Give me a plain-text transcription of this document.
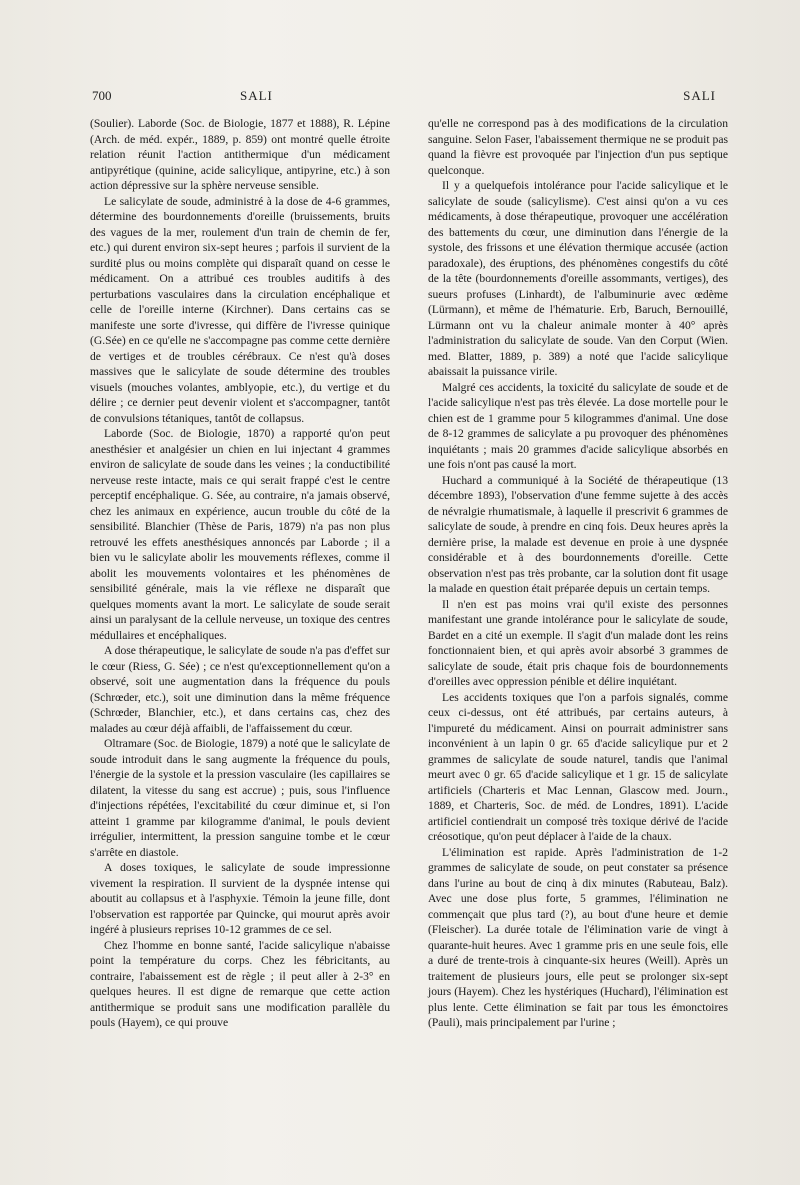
700	SALI	SALI

(Soulier). Laborde (Soc. de Biologie, 1877 et 1888), R. Lépine (Arch. de méd. expér., 1889, p. 859) ont montré quelle étroite relation réunit l'action antithermique d'un médicament antipyrétique (quinine, acide salicylique, antipyrine, etc.) à son action dépressive sur la sphère nerveuse sensible.

Le salicylate de soude, administré à la dose de 4-6 grammes, détermine des bourdonnements d'oreille (bruissements, bruits des vagues de la mer, roulement d'un train de chemin de fer, etc.) qui durent environ six-sept heures ; parfois il survient de la surdité plus ou moins complète qui disparaît quand on cesse le médicament. On a attribué ces troubles auditifs à des perturbations vasculaires dans la circulation encéphalique et celle de l'oreille interne (Kirchner). Dans certains cas se manifeste une sorte d'ivresse, qui diffère de l'ivresse quinique (G.Sée) en ce qu'elle ne s'accompagne pas comme cette dernière de vertiges et de troubles cérébraux. Ce n'est qu'à doses massives que le salicylate de soude détermine des troubles visuels (mouches volantes, amblyopie, etc.), du vertige et du délire ; ce dernier peut devenir violent et s'accompagner, tantôt de convulsions tétaniques, tantôt de collapsus.

Laborde (Soc. de Biologie, 1870) a rapporté qu'on peut anesthésier et analgésier un chien en lui injectant 4 grammes environ de salicylate de soude dans les veines ; la conductibilité nerveuse reste intacte, mais ce qui serait frappé c'est le centre perceptif encéphalique. G. Sée, au contraire, n'a jamais observé, chez les animaux en expérience, aucun trouble du côté de la sensibilité. Blanchier (Thèse de Paris, 1879) n'a pas non plus retrouvé les effets anesthésiques annoncés par Laborde ; il a bien vu le salicylate abolir les mouvements réflexes, comme il abolit les mouvements volontaires et les phénomènes de sensibilité générale, mais la vie réflexe ne disparaît que quelques moments avant la mort. Le salicylate de soude serait ainsi un paralysant de la cellule nerveuse, un toxique des centres médullaires et encéphaliques.

A dose thérapeutique, le salicylate de soude n'a pas d'effet sur le cœur (Riess, G. Sée) ; ce n'est qu'exceptionnellement qu'on a observé, soit une augmentation dans la fréquence du pouls (Schrœder, etc.), soit une diminution dans la même fréquence (Schrœder, Blanchier, etc.), et dans certains cas, chez des malades au cœur déjà affaibli, de l'affaissement du cœur.

Oltramare (Soc. de Biologie, 1879) a noté que le salicylate de soude introduit dans le sang augmente la fréquence du pouls, l'énergie de la systole et la pression vasculaire (les capillaires se dilatent, la vitesse du sang est accrue) ; puis, sous l'influence d'injections répétées, l'excitabilité du cœur diminue et, si l'on atteint 1 gramme par kilogramme d'animal, le pouls devient irrégulier, intermittent, la pression sanguine tombe et le cœur s'arrête en diastole.

A doses toxiques, le salicylate de soude impressionne vivement la respiration. Il survient de la dyspnée intense qui aboutit au collapsus et à l'asphyxie. Témoin la jeune fille, dont l'observation est rapportée par Quincke, qui mourut après avoir ingéré à plusieurs reprises 10-12 grammes de ce sel.

Chez l'homme en bonne santé, l'acide salicylique n'abaisse point la température du corps. Chez les fébricitants, au contraire, l'abaissement est de règle ; il peut aller à 2-3° en quelques heures. Il est digne de remarque que cette action antithermique se produit sans une modification parallèle du pouls (Hayem), ce qui prouve

qu'elle ne correspond pas à des modifications de la circulation sanguine. Selon Faser, l'abaissement thermique ne se produit pas quand la fièvre est provoquée par l'injection d'un pus septique quelconque.

Il y a quelquefois intolérance pour l'acide salicylique et le salicylate de soude (salicylisme). C'est ainsi qu'on a vu ces médicaments, à dose thérapeutique, provoquer une accélération des battements du cœur, une diminution dans l'énergie de la systole, des frissons et une élévation thermique accusée (action paradoxale), des éruptions, des phénomènes congestifs du côté de la tête (bourdonnements d'oreille assommants, vertiges), des sueurs profuses (Linhardt), de l'albuminurie avec œdème (Lürmann), et même de l'hématurie. Erb, Baruch, Bernouillé, Lürmann ont vu la chaleur animale monter à 40° après l'administration du salicylate de soude. Van den Corput (Wien. med. Blatter, 1889, p. 389) a noté que l'acide salicylique abaissait la puissance virile.

Malgré ces accidents, la toxicité du salicylate de soude et de l'acide salicylique n'est pas très élevée. La dose mortelle pour le chien est de 1 gramme pour 5 kilogrammes d'animal. Une dose de 8-12 grammes de salicylate a pu provoquer des phénomènes inquiétants ; mais 20 grammes d'acide salicylique absorbés en une fois n'ont pas causé la mort.

Huchard a communiqué à la Société de thérapeutique (13 décembre 1893), l'observation d'une femme sujette à des accès de névralgie rhumatismale, à laquelle il prescrivit 6 grammes de salicylate de soude, à prendre en cinq fois. Deux heures après la dernière prise, la malade est devenue en proie à une dyspnée considérable et à des bourdonnements d'oreille. Cette observation n'est pas très probante, car la solution dont fit usage la malade en question était préparée depuis un certain temps.

Il n'en est pas moins vrai qu'il existe des personnes manifestant une grande intolérance pour le salicylate de soude, Bardet en a cité un exemple. Il s'agit d'un malade dont les reins fonctionnaient bien, et qui après avoir absorbé 3 grammes de salicylate de soude, était pris chaque fois de bourdonnements d'oreilles avec oppression pénible et délire inquiétant.

Les accidents toxiques que l'on a parfois signalés, comme ceux ci-dessus, ont été attribués, par certains auteurs, à l'impureté du médicament. Ainsi on pourrait administrer sans inconvénient à un lapin 0 gr. 65 d'acide salicylique pur et 2 grammes de salicylate de soude naturel, tandis que l'animal meurt avec 0 gr. 65 d'acide salicylique et 1 gr. 15 de salicylate artificiels (Charteris et Mac Lennan, Glascow med. Journ., 1889, et Charteris, Soc. de méd. de Londres, 1891). L'acide artificiel contiendrait un composé très toxique dérivé de l'acide créosotique, qu'on peut déplacer à l'aide de la chaux.

L'élimination est rapide. Après l'administration de 1-2 grammes de salicylate de soude, on peut constater sa présence dans l'urine au bout de cinq à dix minutes (Rabuteau, Balz). Avec une dose plus forte, 5 grammes, l'élimination ne commençait que plus tard (?), au bout d'une heure et demie (Fleischer). La durée totale de l'élimination varie de vingt à quarante-huit heures. Avec 1 gramme pris en une seule fois, elle a duré de trente-trois à cinquante-six heures (Weill). Après un traitement de plusieurs jours, elle peut se prolonger six-sept jours (Hayem). Chez les hystériques (Huchard), l'élimination est plus lente. Cette élimination se fait par tous les émonctoires (Pauli), mais principalement par l'urine ;
